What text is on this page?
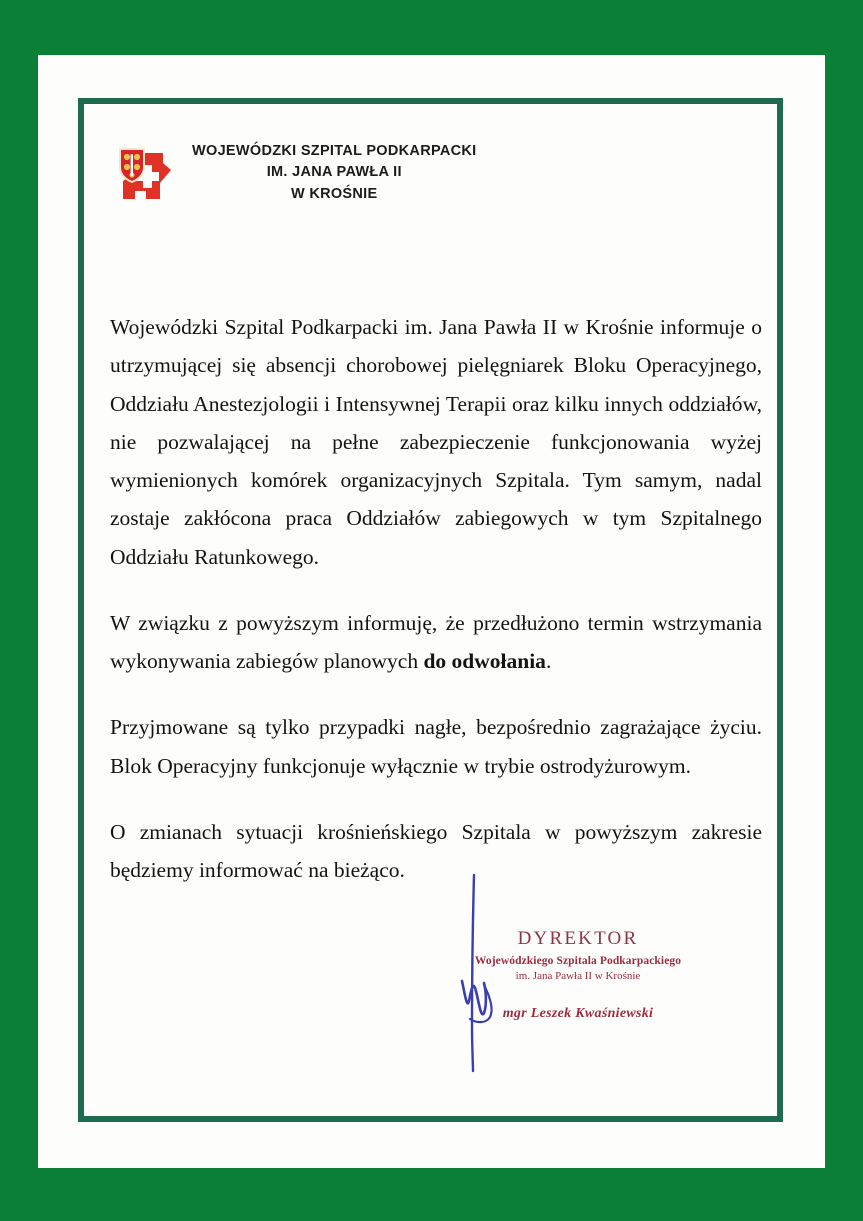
WOJEWÓDZKI SZPITAL PODKARPACKI
IM. JANA PAWŁA II
W KROŚNIE

Wojewódzki Szpital Podkarpacki im. Jana Pawła II w Krośnie informuje o utrzymującej się absencji chorobowej pielęgniarek Bloku Operacyjnego, Oddziału Anestezjologii i Intensywnej Terapii oraz kilku innych oddziałów, nie pozwalającej na pełne zabezpieczenie funkcjonowania wyżej wymienionych komórek organizacyjnych Szpitala. Tym samym, nadal zostaje zakłócona praca Oddziałów zabiegowych w tym Szpitalnego Oddziału Ratunkowego.

W związku z powyższym informuję, że przedłużono termin wstrzymania wykonywania zabiegów planowych do odwołania.

Przyjmowane są tylko przypadki nagłe, bezpośrednio zagrażające życiu. Blok Operacyjny funkcjonuje wyłącznie w trybie ostrodyżurowym.

O zmianach sytuacji krośnieńskiego Szpitala w powyższym zakresie będziemy informować na bieżąco.

DYREKTOR
Wojewódzkiego Szpitala Podkarpackiego
im. Jana Pawła II w Krośnie
mgr Leszek Kwaśniewski
